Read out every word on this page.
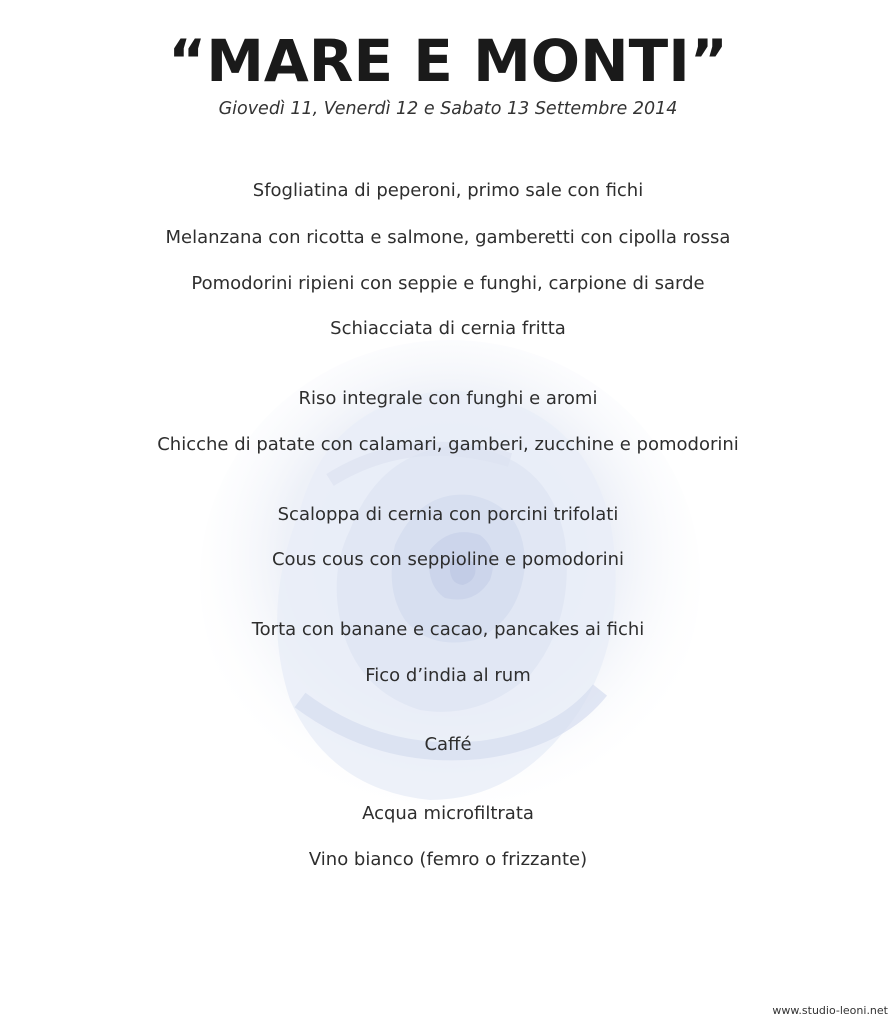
“MARE E MONTI”
Giovedì 11, Venerdì 12 e Sabato 13 Settembre 2014
Sfogliatina di peperoni, primo sale con fichi
Melanzana con ricotta e salmone, gamberetti con cipolla rossa
Pomodorini ripieni con seppie e funghi, carpione di sarde
Schiacciata di cernia fritta
Riso integrale con funghi e aromi
Chicche di patate con calamari, gamberi, zucchine e pomodorini
Scaloppa di cernia con porcini trifolati
Cous cous con seppioline e pomodorini
Torta con banane e cacao, pancakes ai fichi
Fico d’india al rum
Caffé
Acqua microfiltrata
Vino bianco (femro o frizzante)
www.studio-leoni.net
